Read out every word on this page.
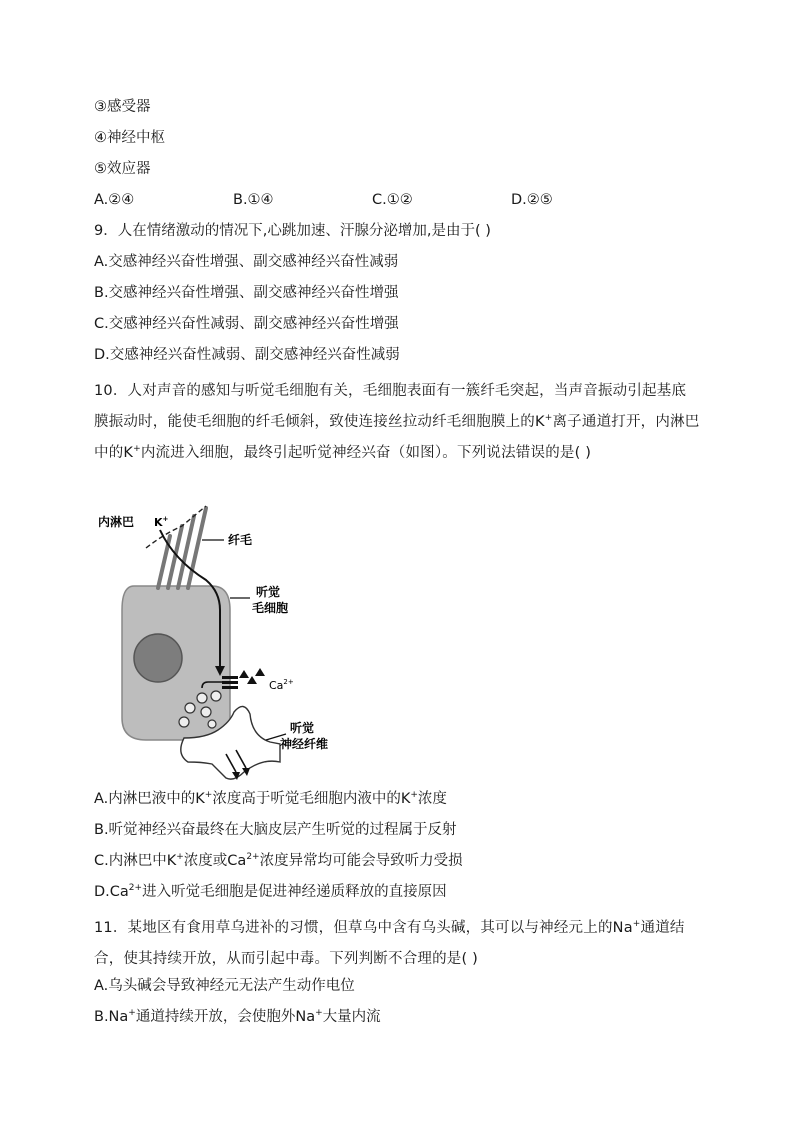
③感受器
④神经中枢
⑤效应器
A.②④	B.①④	C.①②	D.②⑤
9．人在情绪激动的情况下,心跳加速、汗腺分泌增加,是由于( )
A.交感神经兴奋性增强、副交感神经兴奋性减弱
B.交感神经兴奋性增强、副交感神经兴奋性增强
C.交感神经兴奋性减弱、副交感神经兴奋性增强
D.交感神经兴奋性减弱、副交感神经兴奋性减弱
10．人对声音的感知与听觉毛细胞有关，毛细胞表面有一簇纤毛突起，当声音振动引起基底膜振动时，能使毛细胞的纤毛倾斜，致使连接丝拉动纤毛细胞膜上的K+离子通道打开，内淋巴中的K+内流进入细胞，最终引起听觉神经兴奋（如图）。下列说法错误的是( )
内淋巴 K+
纤毛
听觉
毛细胞
$Ca^{2+}$
听觉
神经纤维
A.内淋巴液中的K+浓度高于听觉毛细胞内液中的K+浓度
B.听觉神经兴奋最终在大脑皮层产生听觉的过程属于反射
C.内淋巴中K+浓度或$Ca^{2+}$浓度异常均可能会导致听力受损
$D.Ca^{2+}$进入听觉毛细胞是促进神经递质释放的直接原因
11．某地区有食用草乌进补的习惯，但草乌中含有乌头碱，其可以与神经元上的Na+通道结合，使其持续开放，从而引起中毒。下列判断不合理的是( )
A.乌头碱会导致神经元无法产生动作电位
B.Na+通道持续开放，会使胞外Na+大量内流
